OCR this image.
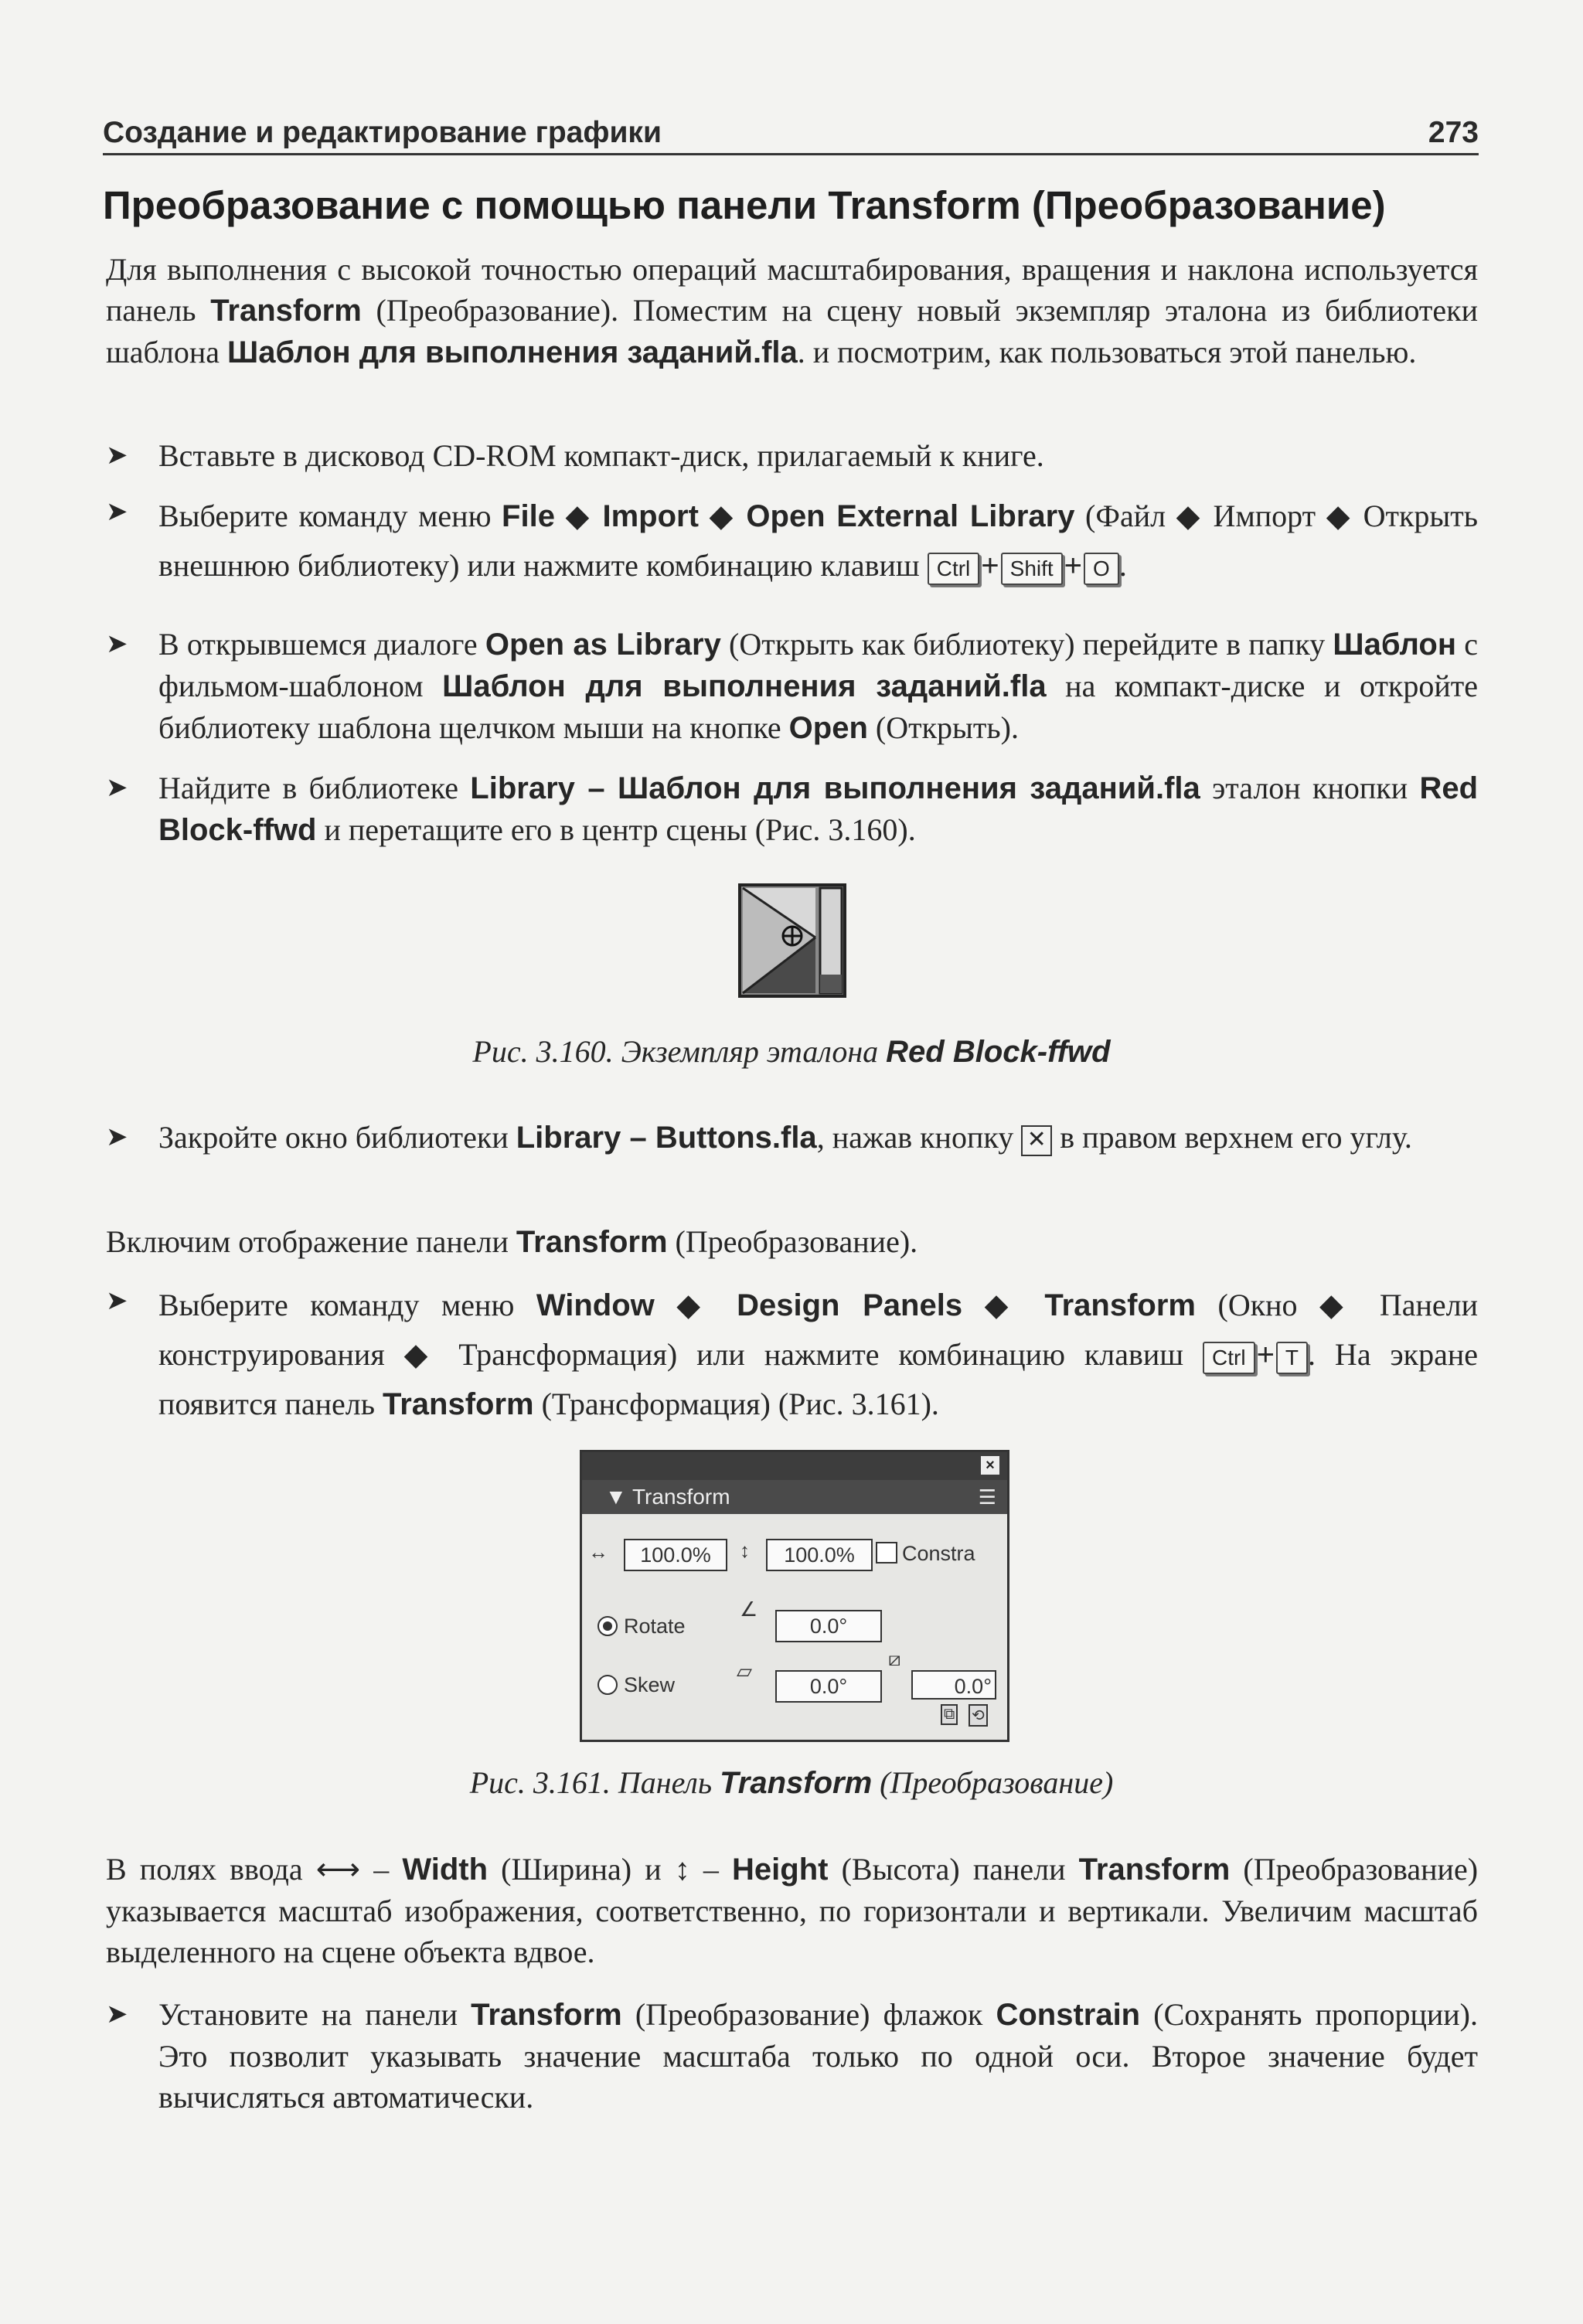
Создание и редактирование графики	273
Преобразование с помощью панели Transform (Преобразование)
Для выполнения с высокой точностью операций масштабирования, вращения и наклона используется панель Transform (Преобразование). Поместим на сцену новый экземпляр эталона из библиотеки шаблона Шаблон для выполнения заданий.fla. и посмотрим, как пользоваться этой панелью.
➤ Вставьте в дисковод CD-ROM компакт-диск, прилагаемый к книге.
➤ Выберите команду меню File ◆ Import ◆ Open External Library (Файл ◆ Импорт ◆ Открыть внешнюю библиотеку) или нажмите комбинацию клавиш Ctrl + Shift + O .
➤ В открывшемся диалоге Open as Library (Открыть как библиотеку) перейдите в папку Шаблон с фильмом-шаблоном Шаблон для выполнения заданий.fla на компакт-диске и откройте библиотеку шаблона щелчком мыши на кнопке Open (Открыть).
➤ Найдите в библиотеке Library – Шаблон для выполнения заданий.fla эталон кнопки Red Block-ffwd и перетащите его в центр сцены (Рис. 3.160).
Рис. 3.160. Экземпляр эталона Red Block-ffwd
➤ Закройте окно библиотеки Library – Buttons.fla, нажав кнопку ✕ в правом верхнем его углу.
Включим отображение панели Transform (Преобразование).
➤ Выберите команду меню Window ◆ Design Panels ◆ Transform (Окно ◆ Панели конструирования ◆ Трансформация) или нажмите комбинацию клавиш Ctrl + T . На экране появится панель Transform (Трансформация) (Рис. 3.161).
×
▼ Transform	☰
↔	100.0%	↕	100.0%	Constra
Rotate
∠
0.0°
Skew
▱
0.0°
⧄
0.0°
⧉ ⟲
Рис. 3.161. Панель Transform (Преобразование)
В полях ввода ⟷ – Width (Ширина) и ↕ – Height (Высота) панели Transform (Преобразование) указывается масштаб изображения, соответственно, по горизонтали и вертикали. Увеличим масштаб выделенного на сцене объекта вдвое.
➤ Установите на панели Transform (Преобразование) флажок Constrain (Сохранять пропорции). Это позволит указывать значение масштаба только по одной оси. Второе значение будет вычисляться автоматически.
